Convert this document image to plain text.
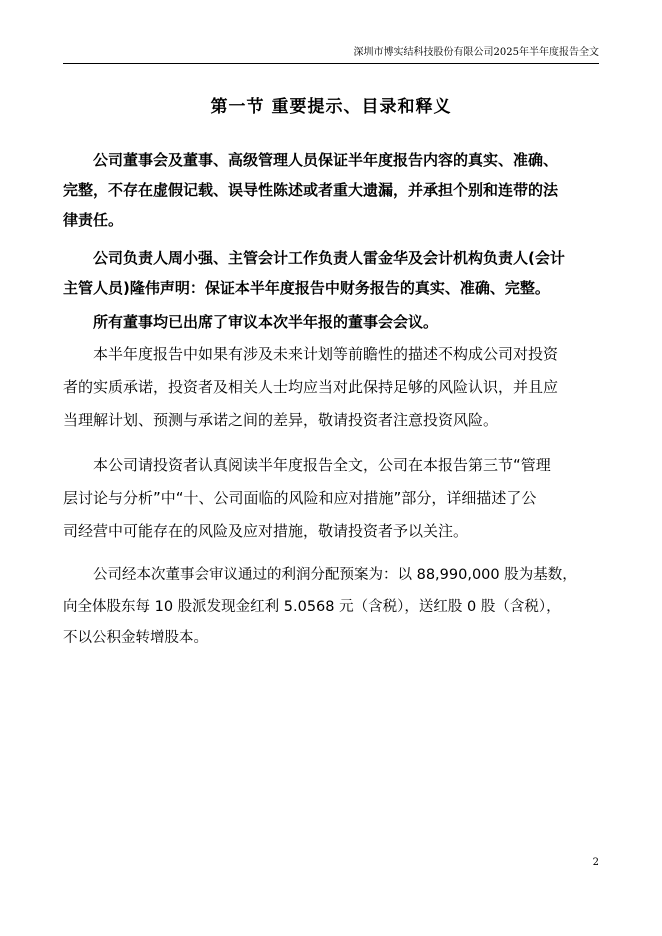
深圳市博实结科技股份有限公司2025年半年度报告全文
第一节 重要提示、目录和释义
公司董事会及董事、高级管理人员保证半年度报告内容的真实、准确、
完整，不存在虚假记载、误导性陈述或者重大遗漏，并承担个别和连带的法
律责任。
公司负责人周小强、主管会计工作负责人雷金华及会计机构负责人(会计
主管人员)隆伟声明：保证本半年度报告中财务报告的真实、准确、完整。
所有董事均已出席了审议本次半年报的董事会会议。
本半年度报告中如果有涉及未来计划等前瞻性的描述不构成公司对投资
者的实质承诺，投资者及相关人士均应当对此保持足够的风险认识，并且应
当理解计划、预测与承诺之间的差异，敬请投资者注意投资风险。
本公司请投资者认真阅读半年度报告全文，公司在本报告第三节“管理
层讨论与分析”中“十、公司面临的风险和应对措施”部分，详细描述了公
司经营中可能存在的风险及应对措施，敬请投资者予以关注。
公司经本次董事会审议通过的利润分配预案为：以 88,990,000 股为基数，
向全体股东每 10 股派发现金红利 5.0568 元（含税），送红股 0 股（含税），
不以公积金转增股本。
2
